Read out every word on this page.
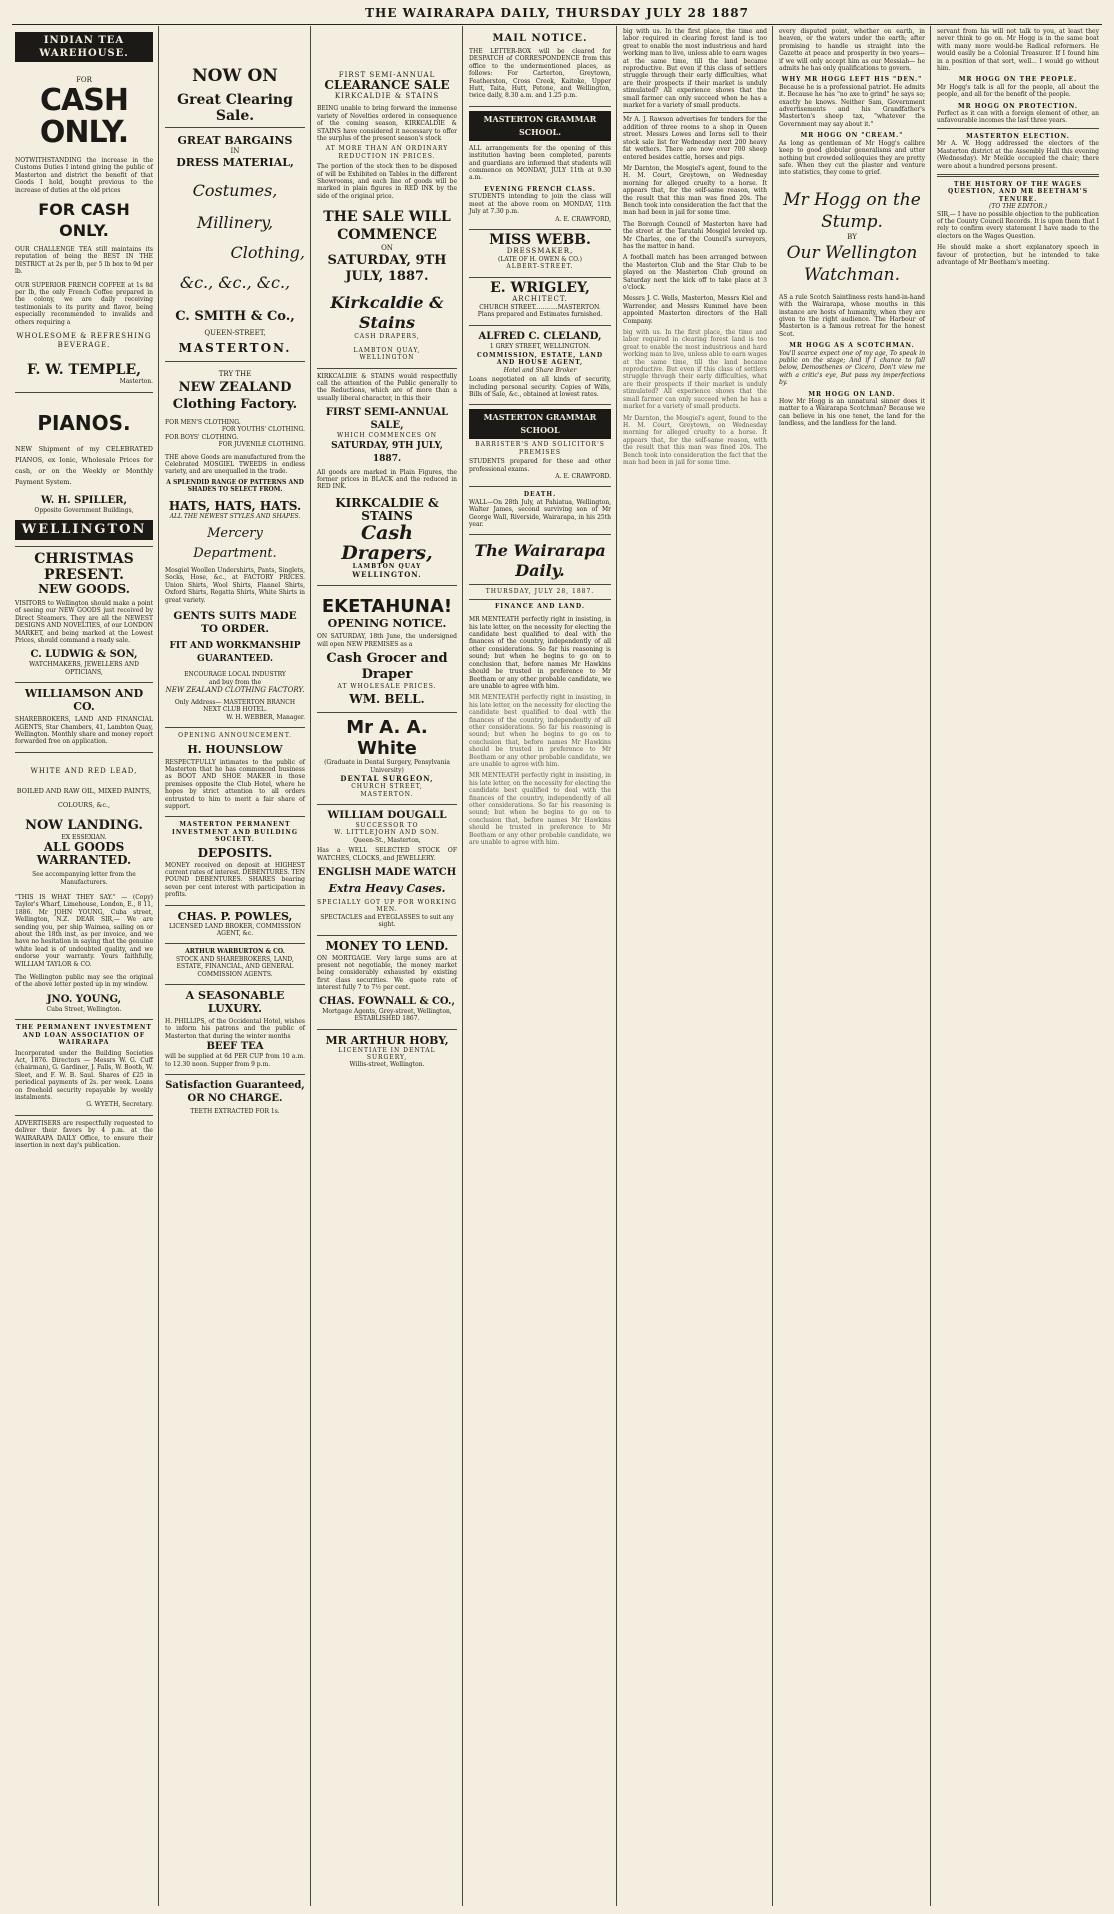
THE WAIRARAPA DAILY, THURSDAY JULY 28 1887
INDIAN TEA WAREHOUSE.
FOR
CASH ONLY.
NOTWITHSTANDING the increase in the Customs Duties I intend giving the public of Masterton and district the benefit of that Goods I hold, bought previous to the increase of duties at the old prices
FOR CASH ONLY.
OUR CHALLENGE TEA still maintains its reputation of being the BEST IN THE DISTRICT at 2s per lb, per 5 lb box to 9d per lb.
OUR SUPERIOR FRENCH COFFEE at 1s 8d per lb, the only French Coffee prepared in the colony, we are daily receiving testimonials to its purity and flavor, being especially recommended to invalids and others requiring a
WHOLESOME & REFRESHING BEVERAGE.
F. W. TEMPLE,
Masterton.
PIANOS.
NEW Shipment of my CELEBRATED PIANOS, ex Ionic, Wholesale Prices for cash, or on the Weekly or Monthly Payment System.
W. H. SPILLER,
Opposite Government Buildings,
WELLINGTON
CHRISTMAS PRESENT.
NEW GOODS.
VISITORS to Wellington should make a point of seeing our NEW GOODS just received by Direct Steamers. They are all the NEWEST DESIGNS AND NOVELTIES, of our LONDON MARKET, and being marked at the Lowest Prices, should command a ready sale.
C. LUDWIG & SON,
WATCHMAKERS, JEWELLERS AND OPTICIANS,
WILLIAMSON AND CO.
SHAREBROKERS, LAND AND FINANCIAL AGENTS, Star Chambers, 41, Lambton Quay, Wellington. Monthly share and money report forwarded free on application.
WHITE AND RED LEAD,
BOILED AND RAW OIL, MIXED PAINTS, COLOURS, &c.,
NOW LANDING.
EX ESSEXIAN.
ALL GOODS WARRANTED.
See accompanying letter from the Manufacturers.
"THIS IS WHAT THEY SAY." — (Copy) Taylor's Wharf, Limehouse, London, E., 8 11, 1886. Mr JOHN YOUNG, Cuba street, Wellington, N.Z. DEAR SIR,— We are sending you, per ship Waimea, sailing on or about the 18th inst, as per invoice, and we have no hesitation in saying that the genuine white lead is of undoubted quality, and we endorse your warranty. Yours faithfully, WILLIAM TAYLOR & CO.
The Wellington public may see the original of the above letter posted up in my window.
JNO. YOUNG,
Cuba Street, Wellington.
THE PERMANENT INVESTMENT AND LOAN ASSOCIATION OF WAIRARAPA
Incorporated under the Building Societies Act, 1876. Directors — Messrs W. G. Cuff (chairman), G. Gardiner, J. Falls, W. Booth, W. Sleet, and F. W. B. Saul. Shares of £25 in periodical payments of 2s. per week. Loans on freehold security repayable by weekly instalments.
G. WYETH, Secretary.
ADVERTISERS are respectfully requested to deliver their favors by 4 p.m. at the WAIRARAPA DAILY Office, to ensure their insertion in next day's publication.
NOW ON
Great Clearing Sale.
GREAT BARGAINS
IN
DRESS MATERIAL,
Costumes,
Millinery,
Clothing,
&c., &c., &c.,
C. SMITH & Co.,
QUEEN-STREET,
MASTERTON.
TRY THE
NEW ZEALAND Clothing Factory.
FOR MEN'S CLOTHING.
FOR YOUTHS' CLOTHING.
FOR BOYS' CLOTHING.
FOR JUVENILE CLOTHING.
THE above Goods are manufactured from the Celebrated MOSGIEL TWEEDS in endless variety, and are unequalled in the trade.
A SPLENDID RANGE OF PATTERNS AND SHADES TO SELECT FROM.
HATS, HATS, HATS.
ALL THE NEWEST STYLES AND SHAPES.
Mercery Department.
Mosgiel Woollen Undershirts, Pants, Singlets, Socks, Hose, &c., at FACTORY PRICES. Union Shirts, Wool Shirts, Flannel Shirts, Oxford Shirts, Regatta Shirts, White Shirts in great variety.
GENTS SUITS MADE TO ORDER.
FIT AND WORKMANSHIP GUARANTEED.
ENCOURAGE LOCAL INDUSTRY
and buy from the
NEW ZEALAND CLOTHING FACTORY.
Only Address— MASTERTON BRANCH NEXT CLUB HOTEL.
W. H. WEBBER, Manager.
OPENING ANNOUNCEMENT.
H. HOUNSLOW
RESPECTFULLY intimates to the public of Masterton that he has commenced business as BOOT AND SHOE MAKER in those premises opposite the Club Hotel, where he hopes by strict attention to all orders entrusted to him to merit a fair share of support.
MASTERTON PERMANENT INVESTMENT AND BUILDING SOCIETY.
DEPOSITS.
MONEY received on deposit at HIGHEST current rates of interest. DEBENTURES. TEN POUND DEBENTURES. SHARES bearing seven per cent interest with participation in profits.
CHAS. P. POWLES,
LICENSED LAND BROKER, COMMISSION AGENT, &c.
ARTHUR WARBURTON & CO.
STOCK AND SHAREBROKERS, LAND, ESTATE, FINANCIAL, AND GENERAL COMMISSION AGENTS.
A SEASONABLE LUXURY.
H. PHILLIPS, of the Occidental Hotel, wishes to inform his patrons and the public of Masterton that during the winter months
BEEF TEA
will be supplied at 6d PER CUP from 10 a.m. to 12.30 noon. Supper from 9 p.m.
Satisfaction Guaranteed, OR NO CHARGE.
TEETH EXTRACTED FOR 1s.
FIRST SEMI-ANNUAL
CLEARANCE SALE
KIRKCALDIE & STAINS
BEING unable to bring forward the immense variety of Novelties ordered in consequence of the coming season, KIRKCALDIE & STAINS have considered it necessary to offer the surplus of the present season's stock
AT MORE THAN AN ORDINARY
REDUCTION IN PRICES.
The portion of the stock then to be disposed of will be Exhibited on Tables in the different Showrooms, and each line of goods will be marked in plain figures in RED INK by the side of the original price.
THE SALE WILL COMMENCE
ON
SATURDAY, 9TH JULY, 1887.
Kirkcaldie & Stains
CASH DRAPERS,
LAMBTON QUAY,
WELLINGTON
KIRKCALDIE & STAINS would respectfully call the attention of the Public generally to the Reductions, which are of more than a usually liberal character, in this their
FIRST SEMI-ANNUAL SALE,
WHICH COMMENCES ON
SATURDAY, 9TH JULY, 1887.
All goods are marked in Plain Figures, the former prices in BLACK and the reduced in RED INK.
KIRKCALDIE & STAINS
Cash Drapers,
LAMBTON QUAY
WELLINGTON.
EKETAHUNA!
OPENING NOTICE.
ON SATURDAY, 18th June, the undersigned will open NEW PREMISES as a
Cash Grocer and Draper
AT WHOLESALE PRICES.
WM. BELL.
Mr A. A. White
(Graduate in Dental Surgery, Pensylvania University)
DENTAL SURGEON,
CHURCH STREET,
MASTERTON.
WILLIAM DOUGALL
SUCCESSOR TO
W. LITTLEJOHN AND SON.
Queen-St., Masterton,
Has a WELL SELECTED STOCK OF WATCHES, CLOCKS, and JEWELLERY.
ENGLISH MADE WATCH
Extra Heavy Cases.
SPECIALLY GOT UP FOR WORKING MEN.
SPECTACLES and EYEGLASSES to suit any sight.
MONEY TO LEND.
ON MORTGAGE. Very large sums are at present not negotiable, the money market being considerably exhausted by existing first class securities. We quote rate of interest fully 7 to 7½ per cent.
CHAS. FOWNALL & CO.,
Mortgage Agents, Grey-street, Wellington, ESTABLISHED 1867.
MR ARTHUR HOBY,
LICENTIATE IN DENTAL SURGERY,
Willis-street, Wellington.
MAIL NOTICE.
THE LETTER-BOX will be cleared for DESPATCH of CORRESPONDENCE from this office to the undermentioned places, as follows: For Carterton, Greytown, Featherston, Cross Creek, Kaitoke, Upper Hutt, Taita, Hutt, Petone, and Wellington, twice daily, 8.30 a.m. and 1.25 p.m.
MASTERTON GRAMMAR SCHOOL.
ALL arrangements for the opening of this institution having been completed, parents and guardians are informed that students will commence on MONDAY, JULY 11th at 9.30 a.m.
EVENING FRENCH CLASS.
STUDENTS intending to join the class will meet at the above room on MONDAY, 11th July at 7.30 p.m.
A. E. CRAWFORD,
MISS WEBB.
DRESSMAKER,
(LATE OF H. OWEN & CO.)
ALBERT-STREET.
E. WRIGLEY,
ARCHITECT.
CHURCH STREET............MASTERTON.
Plans prepared and Estimates furnished.
ALFRED C. CLELAND,
1 GREY STREET, WELLINGTON.
COMMISSION, ESTATE, LAND AND HOUSE AGENT,
Hotel and Share Broker
Loans negotiated on all kinds of security, including personal security. Copies of Wills, Bills of Sale, &c., obtained at lowest rates.
MASTERTON GRAMMAR SCHOOL
BARRISTER'S AND SOLICITOR'S PREMISES
STUDENTS prepared for these and other professional exams.
A. E. CRAWFORD.
DEATH.
WALL—On 28th July, at Pahiatua, Wellington, Walter James, second surviving son of Mr George Wall, Riverside, Wairarapa, in his 25th year.
The Wairarapa Daily.
THURSDAY, JULY 28, 1887.
FINANCE AND LAND.
MR MENTEATH perfectly right in insisting, in his late letter, on the necessity for electing the candidate best qualified to deal with the finances of the country, independently of all other considerations. So far his reasoning is sound; but when he begins to go on to conclusion that, before names Mr Hawkins should be trusted in preference to Mr Beetham or any other probable candidate, we are unable to agree with him.
MR MENTEATH perfectly right in insisting, in his late letter, on the necessity for electing the candidate best qualified to deal with the finances of the country, independently of all other considerations. So far his reasoning is sound; but when he begins to go on to conclusion that, before names Mr Hawkins should be trusted in preference to Mr Beetham or any other probable candidate, we are unable to agree with him.
MR MENTEATH perfectly right in insisting, in his late letter, on the necessity for electing the candidate best qualified to deal with the finances of the country, independently of all other considerations. So far his reasoning is sound; but when he begins to go on to conclusion that, before names Mr Hawkins should be trusted in preference to Mr Beetham or any other probable candidate, we are unable to agree with him.
big with us. In the first place, the time and labor required in clearing forest land is too great to enable the most industrious and hard working man to live, unless able to earn wages at the same time, till the land became reproductive. But even if this class of settlers struggle through their early difficulties, what are their prospects if their market is unduly stimulated? All experience shows that the small farmer can only succeed when he has a market for a variety of small products.
Mr A. J. Rawson advertises for tenders for the addition of three rooms to a shop in Queen street. Messrs Lowes and Iorns sell to their stock sale list for Wednesday next 200 heavy fat wethers. There are now over 700 sheep entered besides cattle, horses and pigs.
Mr Darnton, the Mosgiel's agent, found to the H. M. Court, Greytown, on Wednesday morning for alleged cruelty to a horse. It appears that, for the self-same reason, with the result that this man was fined 20s. The Bench took into consideration the fact that the man had been in jail for some time.
The Borough Council of Masterton have had the street at the Taratahi Mosgiel leveled up. Mr Charles, one of the Council's surveyors, has the matter in hand.
A football match has been arranged between the Masterton Club and the Star Club to be played on the Masterton Club ground on Saturday next the kick off to take place at 3 o'clock.
Messrs J. C. Wells, Masterton, Messrs Kiel and Warrender, and Messrs Kummel have been appointed Masterton directors of the Hall Company.
big with us. In the first place, the time and labor required in clearing forest land is too great to enable the most industrious and hard working man to live, unless able to earn wages at the same time, till the land became reproductive. But even if this class of settlers struggle through their early difficulties, what are their prospects if their market is unduly stimulated? All experience shows that the small farmer can only succeed when he has a market for a variety of small products.
Mr Darnton, the Mosgiel's agent, found to the H. M. Court, Greytown, on Wednesday morning for alleged cruelty to a horse. It appears that, for the self-same reason, with the result that this man was fined 20s. The Bench took into consideration the fact that the man had been in jail for some time.
every disputed point, whether on earth, in heaven, or the waters under the earth; after promising to handle us straight into the Gazette at peace and prosperity in two years— if we will only accept him as our Messiah— he admits he has only qualifications to govern.
WHY MR HOGG LEFT HIS "DEN."
Because he is a professional patriot. He admits it. Because he has "no axe to grind" he says so; exactly he knows. Neither Sam, Government advertisements and his Grandfather's Masterton's sheep tax, "whatever the Government may say about it."
MR HOGG ON "CREAM."
As long as gentleman of Mr Hogg's calibre keep to good globular generalisms and utter nothing but crowded soliloquies they are pretty safe. When they cut the plaster and venture into statistics, they come to grief.
Mr Hogg on the Stump.
BY
Our Wellington Watchman.
AS a rule Scotch Saintliness rests hand-in-hand with the Wairarapa, whose mouths in this instance are hosts of humanity, when they are given to the right audience. The Harbour of Masterton is a famous retreat for the honest Scot.
MR HOGG AS A SCOTCHMAN.
You'll scarce expect one of my age, To speak in public on the stage; And if I chance to fall below, Demosthenes or Cicero, Don't view me with a critic's eye, But pass my imperfections by.
MR HOGG ON LAND.
How Mr Hogg is an unnatural sinner does it matter to a Wairarapa Scotchman? Because we can believe in his one tenet, the land for the landless, and the landless for the land.
servant from his will not talk to you, at least they never think to go on. Mr Hogg is in the same boat with many more would-be Radical reformers. He would easily be a Colonial Treasurer. If I found him in a position of that sort, well... I would go without him.
MR HOGG ON THE PEOPLE.
Mr Hogg's talk is all for the people, all about the people, and all for the benefit of the people.
MR HOGG ON PROTECTION.
Perfect as it can with a foreign element of other, an unfavourable incomes the last three years.
MASTERTON ELECTION.
Mr A. W. Hogg addressed the electors of the Masterton district at the Assembly Hall this evening (Wednesday). Mr Meikle occupied the chair; there were about a hundred persons present.
THE HISTORY OF THE WAGES QUESTION, AND MR BEETHAM'S TENURE.
(TO THE EDITOR.)
SIR,— I have no possible objection to the publication of the County Council Records. It is upon them that I rely to confirm every statement I have made to the electors on the Wages Question.
He should make a short explanatory speech in favour of protection, but he intended to take advantage of Mr Beetham's meeting.
